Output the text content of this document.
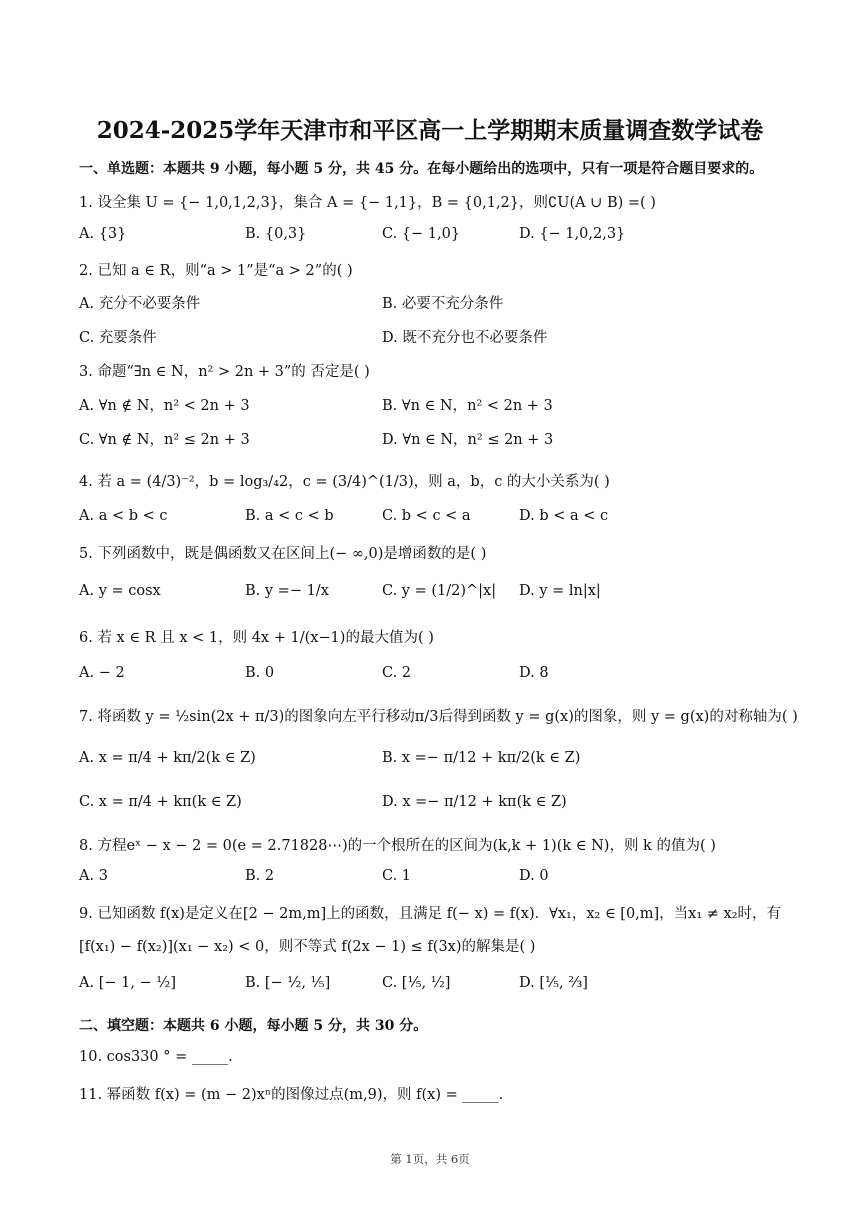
2024-2025学年天津市和平区高一上学期期末质量调查数学试卷
一、单选题：本题共 9 小题，每小题 5 分，共 45 分。在每小题给出的选项中，只有一项是符合题目要求的。
1. 设全集 U = {− 1,0,1,2,3}，集合 A = {− 1,1}，B = {0,1,2}，则∁U(A ∪ B) =( )
A. {3}	B. {0,3}	C. {− 1,0}	D. {− 1,0,2,3}
2. 已知 a ∈ R，则“a > 1”是“a > 2”的( )
A. 充分不必要条件	B. 必要不充分条件
C. 充要条件	D. 既不充分也不必要条件
3. 命题“∃n ∈ N，n² > 2n + 3”的 否定是( )
A. ∀n ∉ N，n² < 2n + 3	B. ∀n ∈ N，n² < 2n + 3
C. ∀n ∉ N，n² ≤ 2n + 3	D. ∀n ∈ N，n² ≤ 2n + 3
4. 若 a = (4/3)⁻²，b = log₃/₄2，c = (3/4)^(1/3)，则 a，b，c 的大小关系为( )
A. a < b < c	B. a < c < b	C. b < c < a	D. b < a < c
5. 下列函数中，既是偶函数又在区间上(− ∞,0)是增函数的是( )
A. y = cosx	B. y =− 1/x	C. y = (1/2)^|x| D. y = ln|x|
6. 若 x ∈ R 且 x < 1，则 4x + 1/(x−1)的最大值为( )
A. − 2	B. 0	C. 2	D. 8
7. 将函数 y = ½sin(2x + π/3)的图象向左平行移动π/3后得到函数 y = g(x)的图象，则 y = g(x)的对称轴为( )
A. x = π/4 + kπ/2(k ∈ Z)	B. x =− π/12 + kπ/2(k ∈ Z)
C. x = π/4 + kπ(k ∈ Z)	D. x =− π/12 + kπ(k ∈ Z)
8. 方程eˣ − x − 2 = 0(e = 2.71828⋯)的一个根所在的区间为(k,k + 1)(k ∈ N)，则 k 的值为( )
A. 3	B. 2	C. 1	D. 0
9. 已知函数 f(x)是定义在[2 − 2m,m]上的函数，且满足 f(− x) = f(x)．∀x₁，x₂ ∈ [0,m]，当x₁ ≠ x₂时，有
[f(x₁) − f(x₂)](x₁ − x₂) < 0，则不等式 f(2x − 1) ≤ f(3x)的解集是( )
A. [− 1, − ½]	B. [− ½, ⅕]	C. [⅕, ½]	D. [⅕, ⅔]
二、填空题：本题共 6 小题，每小题 5 分，共 30 分。
10. cos330 ° = _____.
11. 幂函数 f(x) = (m − 2)xⁿ的图像过点(m,9)，则 f(x) = _____.
第 1页，共 6页
